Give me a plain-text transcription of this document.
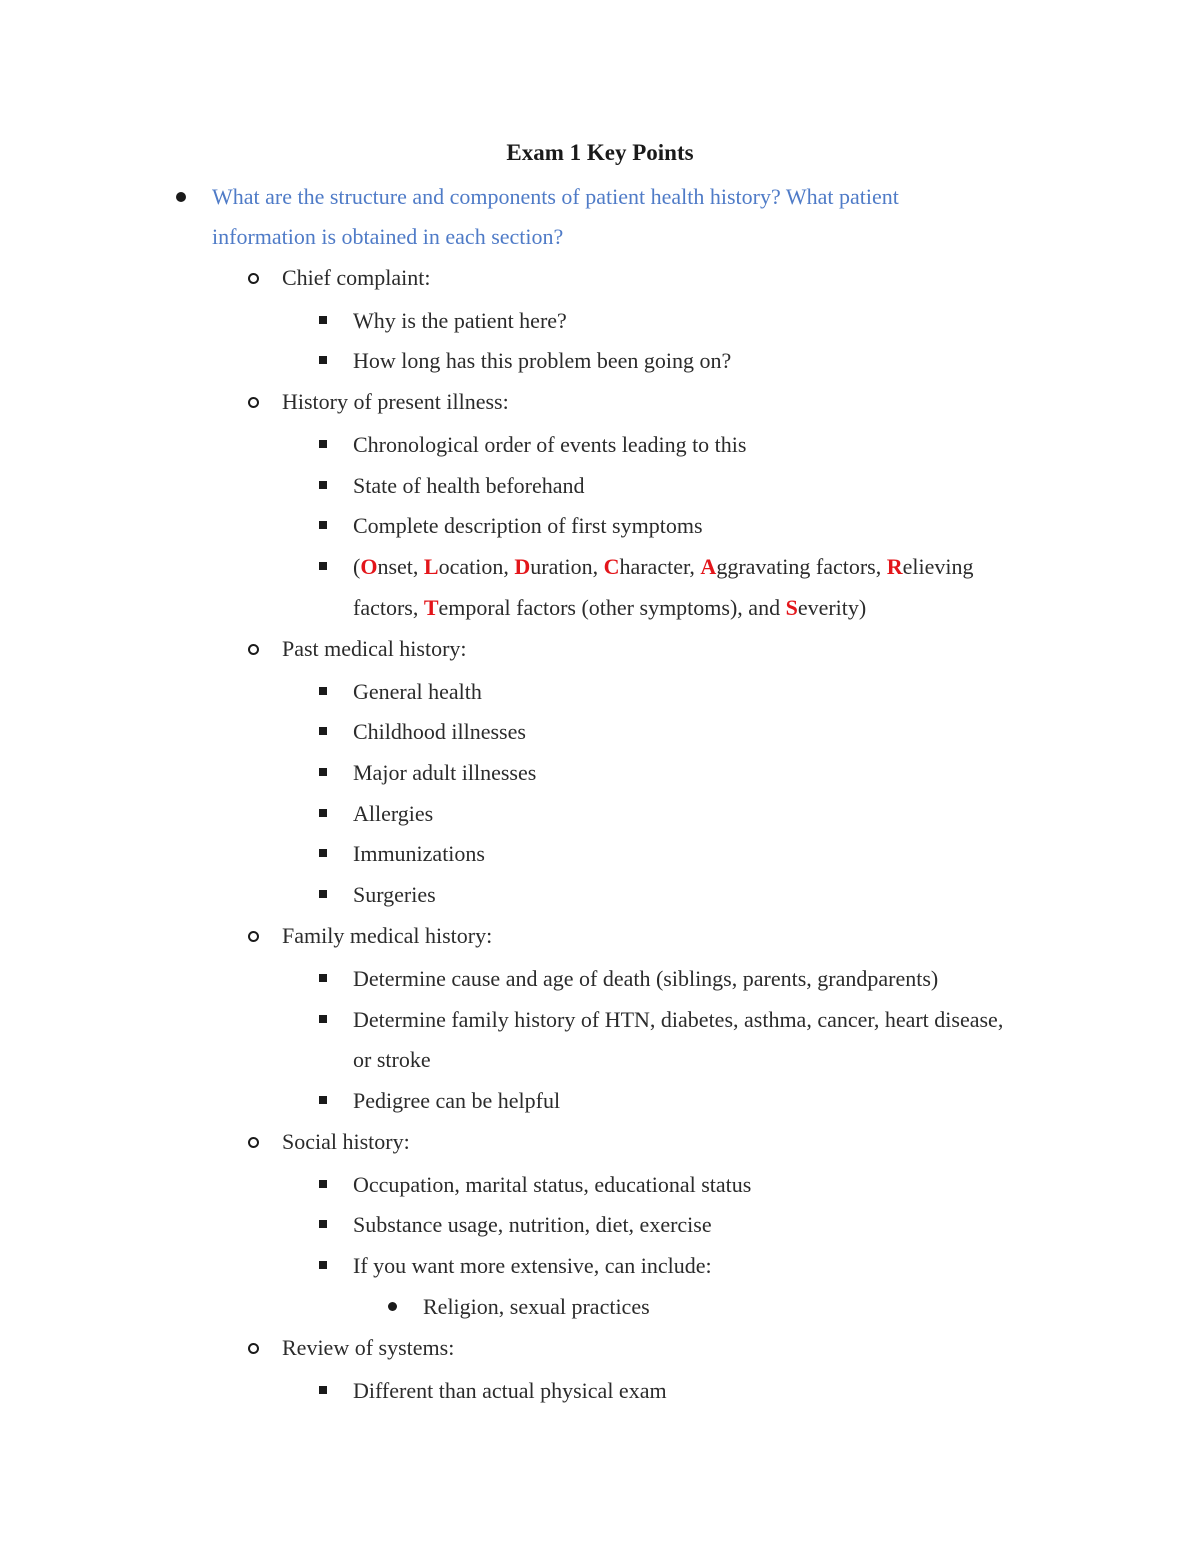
Exam 1 Key Points
What are the structure and components of patient health history? What patient
information is obtained in each section?
Chief complaint:
Why is the patient here?
How long has this problem been going on?
History of present illness:
Chronological order of events leading to this
State of health beforehand
Complete description of first symptoms
(Onset, Location, Duration, Character, Aggravating factors, Relieving
factors, Temporal factors (other symptoms), and Severity)
Past medical history:
General health
Childhood illnesses
Major adult illnesses
Allergies
Immunizations
Surgeries
Family medical history:
Determine cause and age of death (siblings, parents, grandparents)
Determine family history of HTN, diabetes, asthma, cancer, heart disease,
or stroke
Pedigree can be helpful
Social history:
Occupation, marital status, educational status
Substance usage, nutrition, diet, exercise
If you want more extensive, can include:
Religion, sexual practices
Review of systems:
Different than actual physical exam
